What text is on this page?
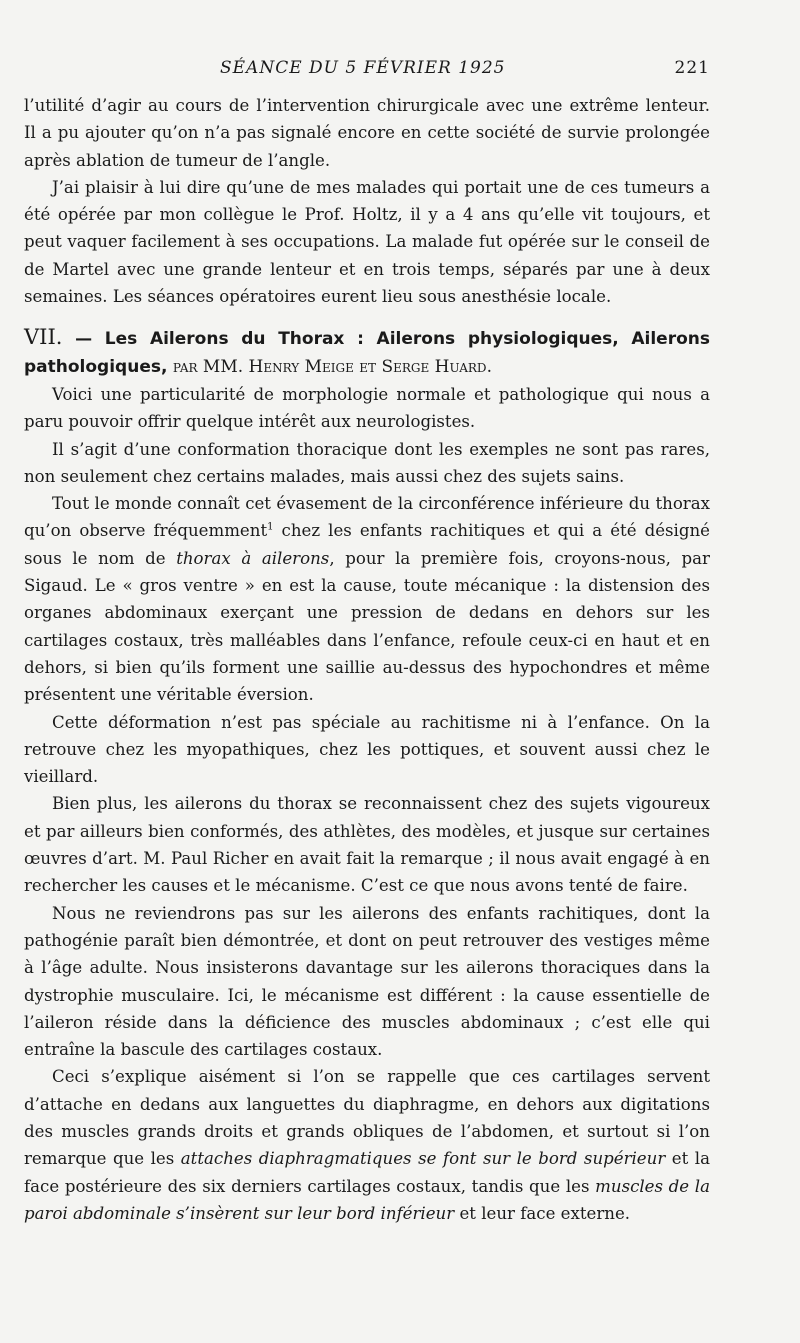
SÉANCE DU 5 FÉVRIER 1925	221

l’utilité d’agir au cours de l’intervention chirurgicale avec une extrême lenteur. Il a pu ajouter qu’on n’a pas signalé encore en cette société de survie prolongée après ablation de tumeur de l’angle.

J’ai plaisir à lui dire qu’une de mes malades qui portait une de ces tumeurs a été opérée par mon collègue le Prof. Holtz, il y a 4 ans qu’elle vit toujours, et peut vaquer facilement à ses occupations. La malade fut opérée sur le conseil de de Martel avec une grande lenteur et en trois temps, séparés par une à deux semaines. Les séances opératoires eurent lieu sous anesthésie locale.

VII. — Les Ailerons du Thorax : Ailerons physiologiques, Ailerons pathologiques, par MM. Henry Meige et Serge Huard.

Voici une particularité de morphologie normale et pathologique qui nous a paru pouvoir offrir quelque intérêt aux neurologistes.

Il s’agit d’une conformation thoracique dont les exemples ne sont pas rares, non seulement chez certains malades, mais aussi chez des sujets sains.

Tout le monde connaît cet évasement de la circonférence inférieure du thorax qu’on observe fréquemment$^1$ chez les enfants rachitiques et qui a été désigné sous le nom de thorax à ailerons, pour la première fois, croyons-nous, par Sigaud. Le « gros ventre » en est la cause, toute mécanique : la distension des organes abdominaux exerçant une pression de dedans en dehors sur les cartilages costaux, très malléables dans l’enfance, refoule ceux-ci en haut et en dehors, si bien qu’ils forment une saillie au-dessus des hypochondres et même présentent une véritable éversion.

Cette déformation n’est pas spéciale au rachitisme ni à l’enfance. On la retrouve chez les myopathiques, chez les pottiques, et souvent aussi chez le vieillard.

Bien plus, les ailerons du thorax se reconnaissent chez des sujets vigoureux et par ailleurs bien conformés, des athlètes, des modèles, et jusque sur certaines œuvres d’art. M. Paul Richer en avait fait la remarque ; il nous avait engagé à en rechercher les causes et le mécanisme. C’est ce que nous avons tenté de faire.

Nous ne reviendrons pas sur les ailerons des enfants rachitiques, dont la pathogénie paraît bien démontrée, et dont on peut retrouver des vestiges même à l’âge adulte. Nous insisterons davantage sur les ailerons thoraciques dans la dystrophie musculaire. Ici, le mécanisme est différent : la cause essentielle de l’aileron réside dans la déficience des muscles abdominaux ; c’est elle qui entraîne la bascule des cartilages costaux.

Ceci s’explique aisément si l’on se rappelle que ces cartilages servent d’attache en dedans aux languettes du diaphragme, en dehors aux digitations des muscles grands droits et grands obliques de l’abdomen, et surtout si l’on remarque que les attaches diaphragmatiques se font sur le bord supérieur et la face postérieure des six derniers cartilages costaux, tandis que les muscles de la paroi abdominale s’insèrent sur leur bord inférieur et leur face externe.
